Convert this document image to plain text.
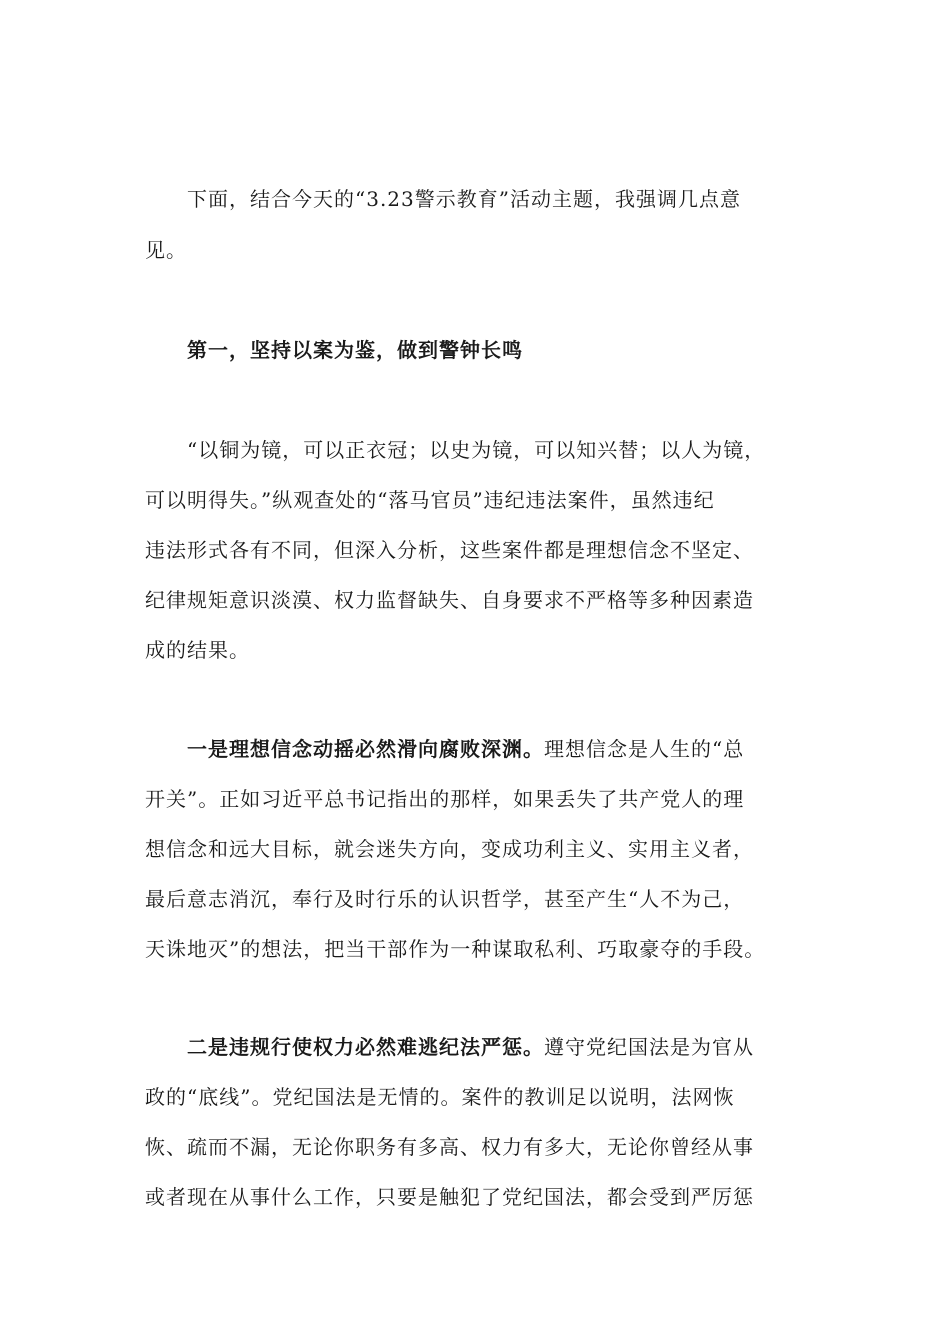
下面，结合今天的“3.23警示教育”活动主题，我强调几点意
见。
第一，坚持以案为鉴，做到警钟长鸣
“以铜为镜，可以正衣冠；以史为镜，可以知兴替；以人为镜，
可以明得失。”纵观查处的“落马官员”违纪违法案件，虽然违纪
违法形式各有不同，但深入分析，这些案件都是理想信念不坚定、
纪律规矩意识淡漠、权力监督缺失、自身要求不严格等多种因素造
成的结果。
一是理想信念动摇必然滑向腐败深渊。理想信念是人生的“总
开关”。正如习近平总书记指出的那样，如果丢失了共产党人的理
想信念和远大目标，就会迷失方向，变成功利主义、实用主义者，
最后意志消沉，奉行及时行乐的认识哲学，甚至产生“人不为己，
天诛地灭”的想法，把当干部作为一种谋取私利、巧取豪夺的手段。
二是违规行使权力必然难逃纪法严惩。遵守党纪国法是为官从
政的“底线”。党纪国法是无情的。案件的教训足以说明，法网恢
恢、疏而不漏，无论你职务有多高、权力有多大，无论你曾经从事
或者现在从事什么工作，只要是触犯了党纪国法，都会受到严厉惩
